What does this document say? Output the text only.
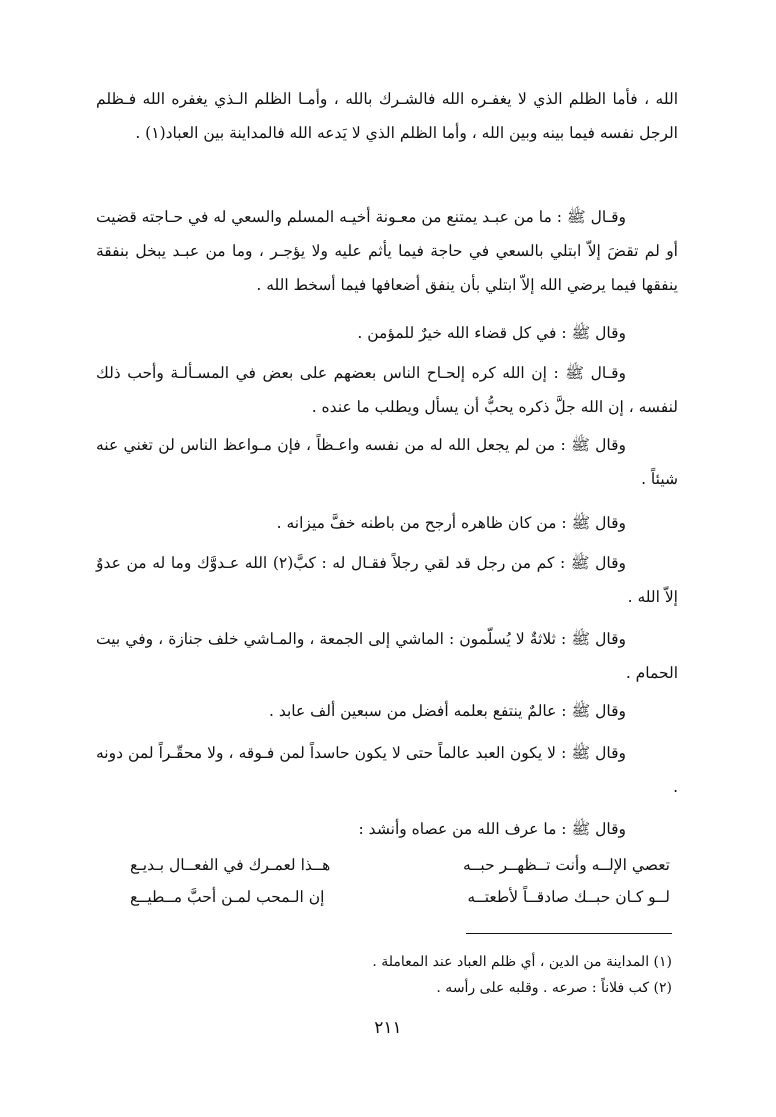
الله ، فأما الظلم الذي لا يغفـره الله فالشـرك بالله ، وأمـا الظلم الـذي يغفره الله فـظلم الرجل نفسه فيما بينه وبين الله ، وأما الظلم الذي لا يَدعه الله فالمداينة بين العباد(١) .

وقـال ﷺ : ما من عبـد يمتنع من معـونة أخيـه المسلم والسعي له في حـاجته قضيت أو لم تقضَ إلاّ ابتلي بالسعي في حاجة فيما يأثم عليه ولا يؤجـر ، وما من عبـد يبخل بنفقة ينفقها فيما يرضي الله إلاّ ابتلي بأن ينفق أضعافها فيما أسخط الله .

وقال ﷺ : في كل قضاء الله خيرٌ للمؤمن .

وقـال ﷺ : إن الله كره إلحـاح الناس بعضهم على بعض في المسـألـة وأحب ذلك لنفسه ، إن الله جلَّ ذكره يحبُّ أن يسأل ويطلب ما عنده .

وقال ﷺ : من لم يجعل الله له من نفسه واعـظاً ، فإن مـواعظ الناس لن تغني عنه شيئاً .

وقال ﷺ : من كان ظاهره أرجح من باطنه خفَّ ميزانه .

وقال ﷺ : كم من رجل قد لقي رجلاً فقـال له : كبَّ(٢) الله عـدوَّك وما له من عدوٌ إلاّ الله .

وقال ﷺ : ثلاثةٌ لا يُسلّمون : الماشي إلى الجمعة ، والمـاشي خلف جنازة ، وفي بيت الحمام .

وقال ﷺ : عالمٌ ينتفع بعلمه أفضل من سبعين ألف عابد .

وقال ﷺ : لا يكون العبد عالماً حتى لا يكون حاسداً لمن فـوقه ، ولا محقّـراً لمن دونه .

وقال ﷺ : ما عرف الله من عصاه وأنشد :

تعصي الإلــه وأنت تــظهــر حبــه
هــذا لعمـرك في الفعــال بـديـع
لــو كـان حبــك صادقــاً لأطعتــه
إن الـمحب لمـن أحبَّ مــطيــع
(١) المداينة من الدين ، أي ظلم العباد عند المعاملة .
(٢) كب فلاناً : صرعه . وقلبه على رأسه .
٢١١
